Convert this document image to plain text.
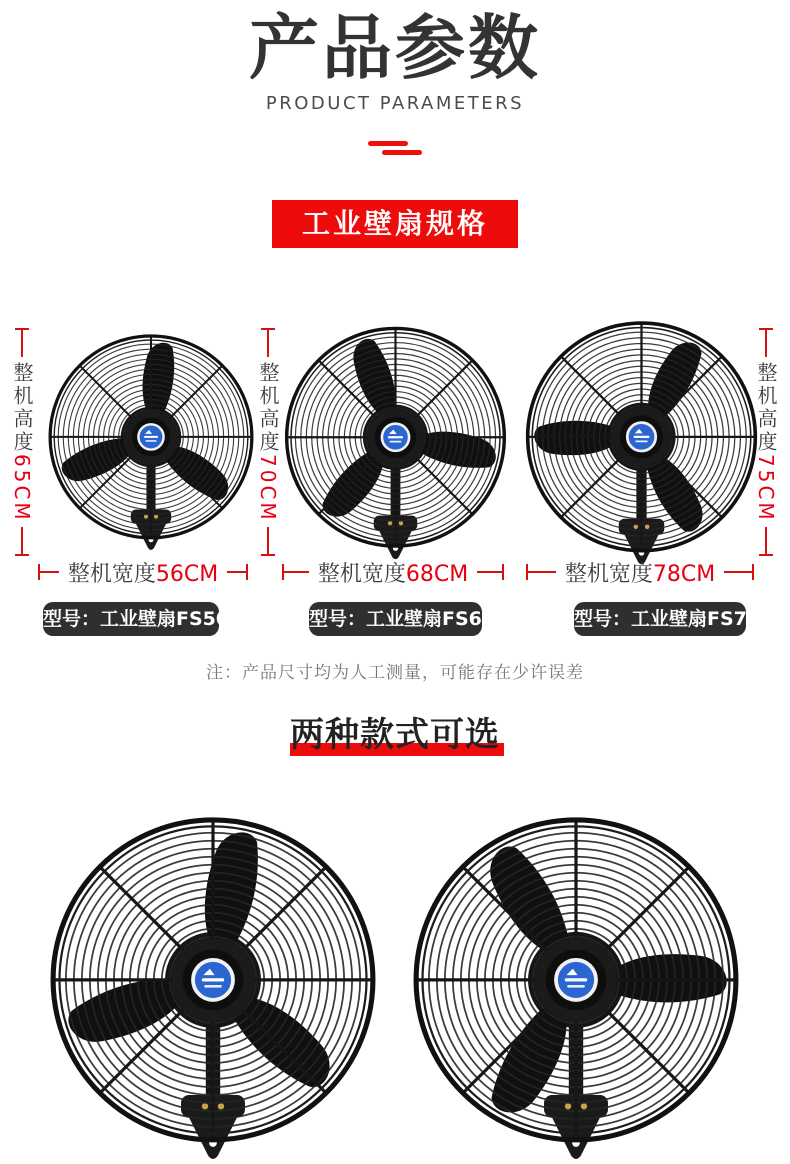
产品参数
PRODUCT PARAMETERS
工业壁扇规格
整机高度65CM
整机宽度56CM
型号：工业壁扇FS50
整机高度70CM
整机宽度68CM
型号：工业壁扇FS65
整机高度75CM
整机宽度78CM
型号：工业壁扇FS75
注：产品尺寸均为人工测量，可能存在少许误差
两种款式可选
